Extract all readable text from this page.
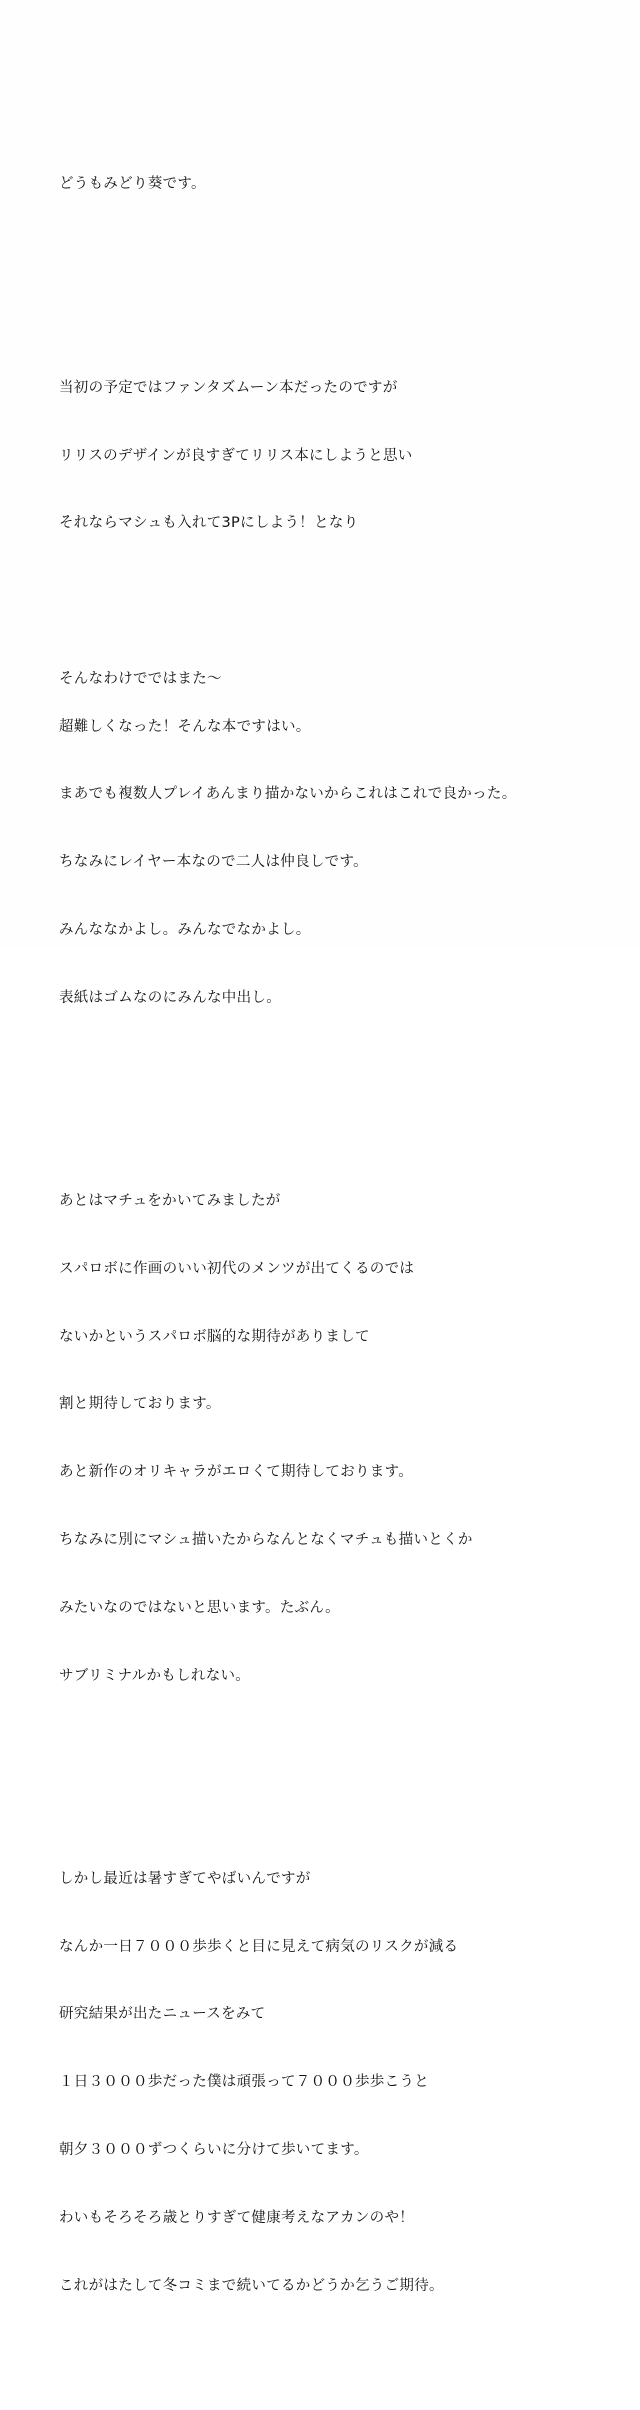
どうもみどり葵です。

当初の予定ではファンタズムーン本だったのですが

リリスのデザインが良すぎてリリス本にしようと思い

それならマシュも入れて3Pにしよう！となり

超難しくなった！そんな本ですはい。

まあでも複数人プレイあんまり描かないからこれはこれで良かった。

ちなみにレイヤー本なので二人は仲良しです。

みんななかよし。みんなでなかよし。

表紙はゴムなのにみんな中出し。

あとはマチュをかいてみましたが

スパロボに作画のいい初代のメンツが出てくるのでは

ないかというスパロボ脳的な期待がありまして

割と期待しております。

あと新作のオリキャラがエロくて期待しております。

ちなみに別にマシュ描いたからなんとなくマチュも描いとくか

みたいなのではないと思います。たぶん。

サブリミナルかもしれない。

しかし最近は暑すぎてやばいんですが

なんか一日７０００歩歩くと目に見えて病気のリスクが減る

研究結果が出たニュースをみて

１日３０００歩だった僕は頑張って７０００歩歩こうと

朝夕３０００ずつくらいに分けて歩いてます。

わいもそろそろ歳とりすぎて健康考えなアカンのや！

これがはたして冬コミまで続いてるかどうか乞うご期待。

そんなわけでではまた〜
